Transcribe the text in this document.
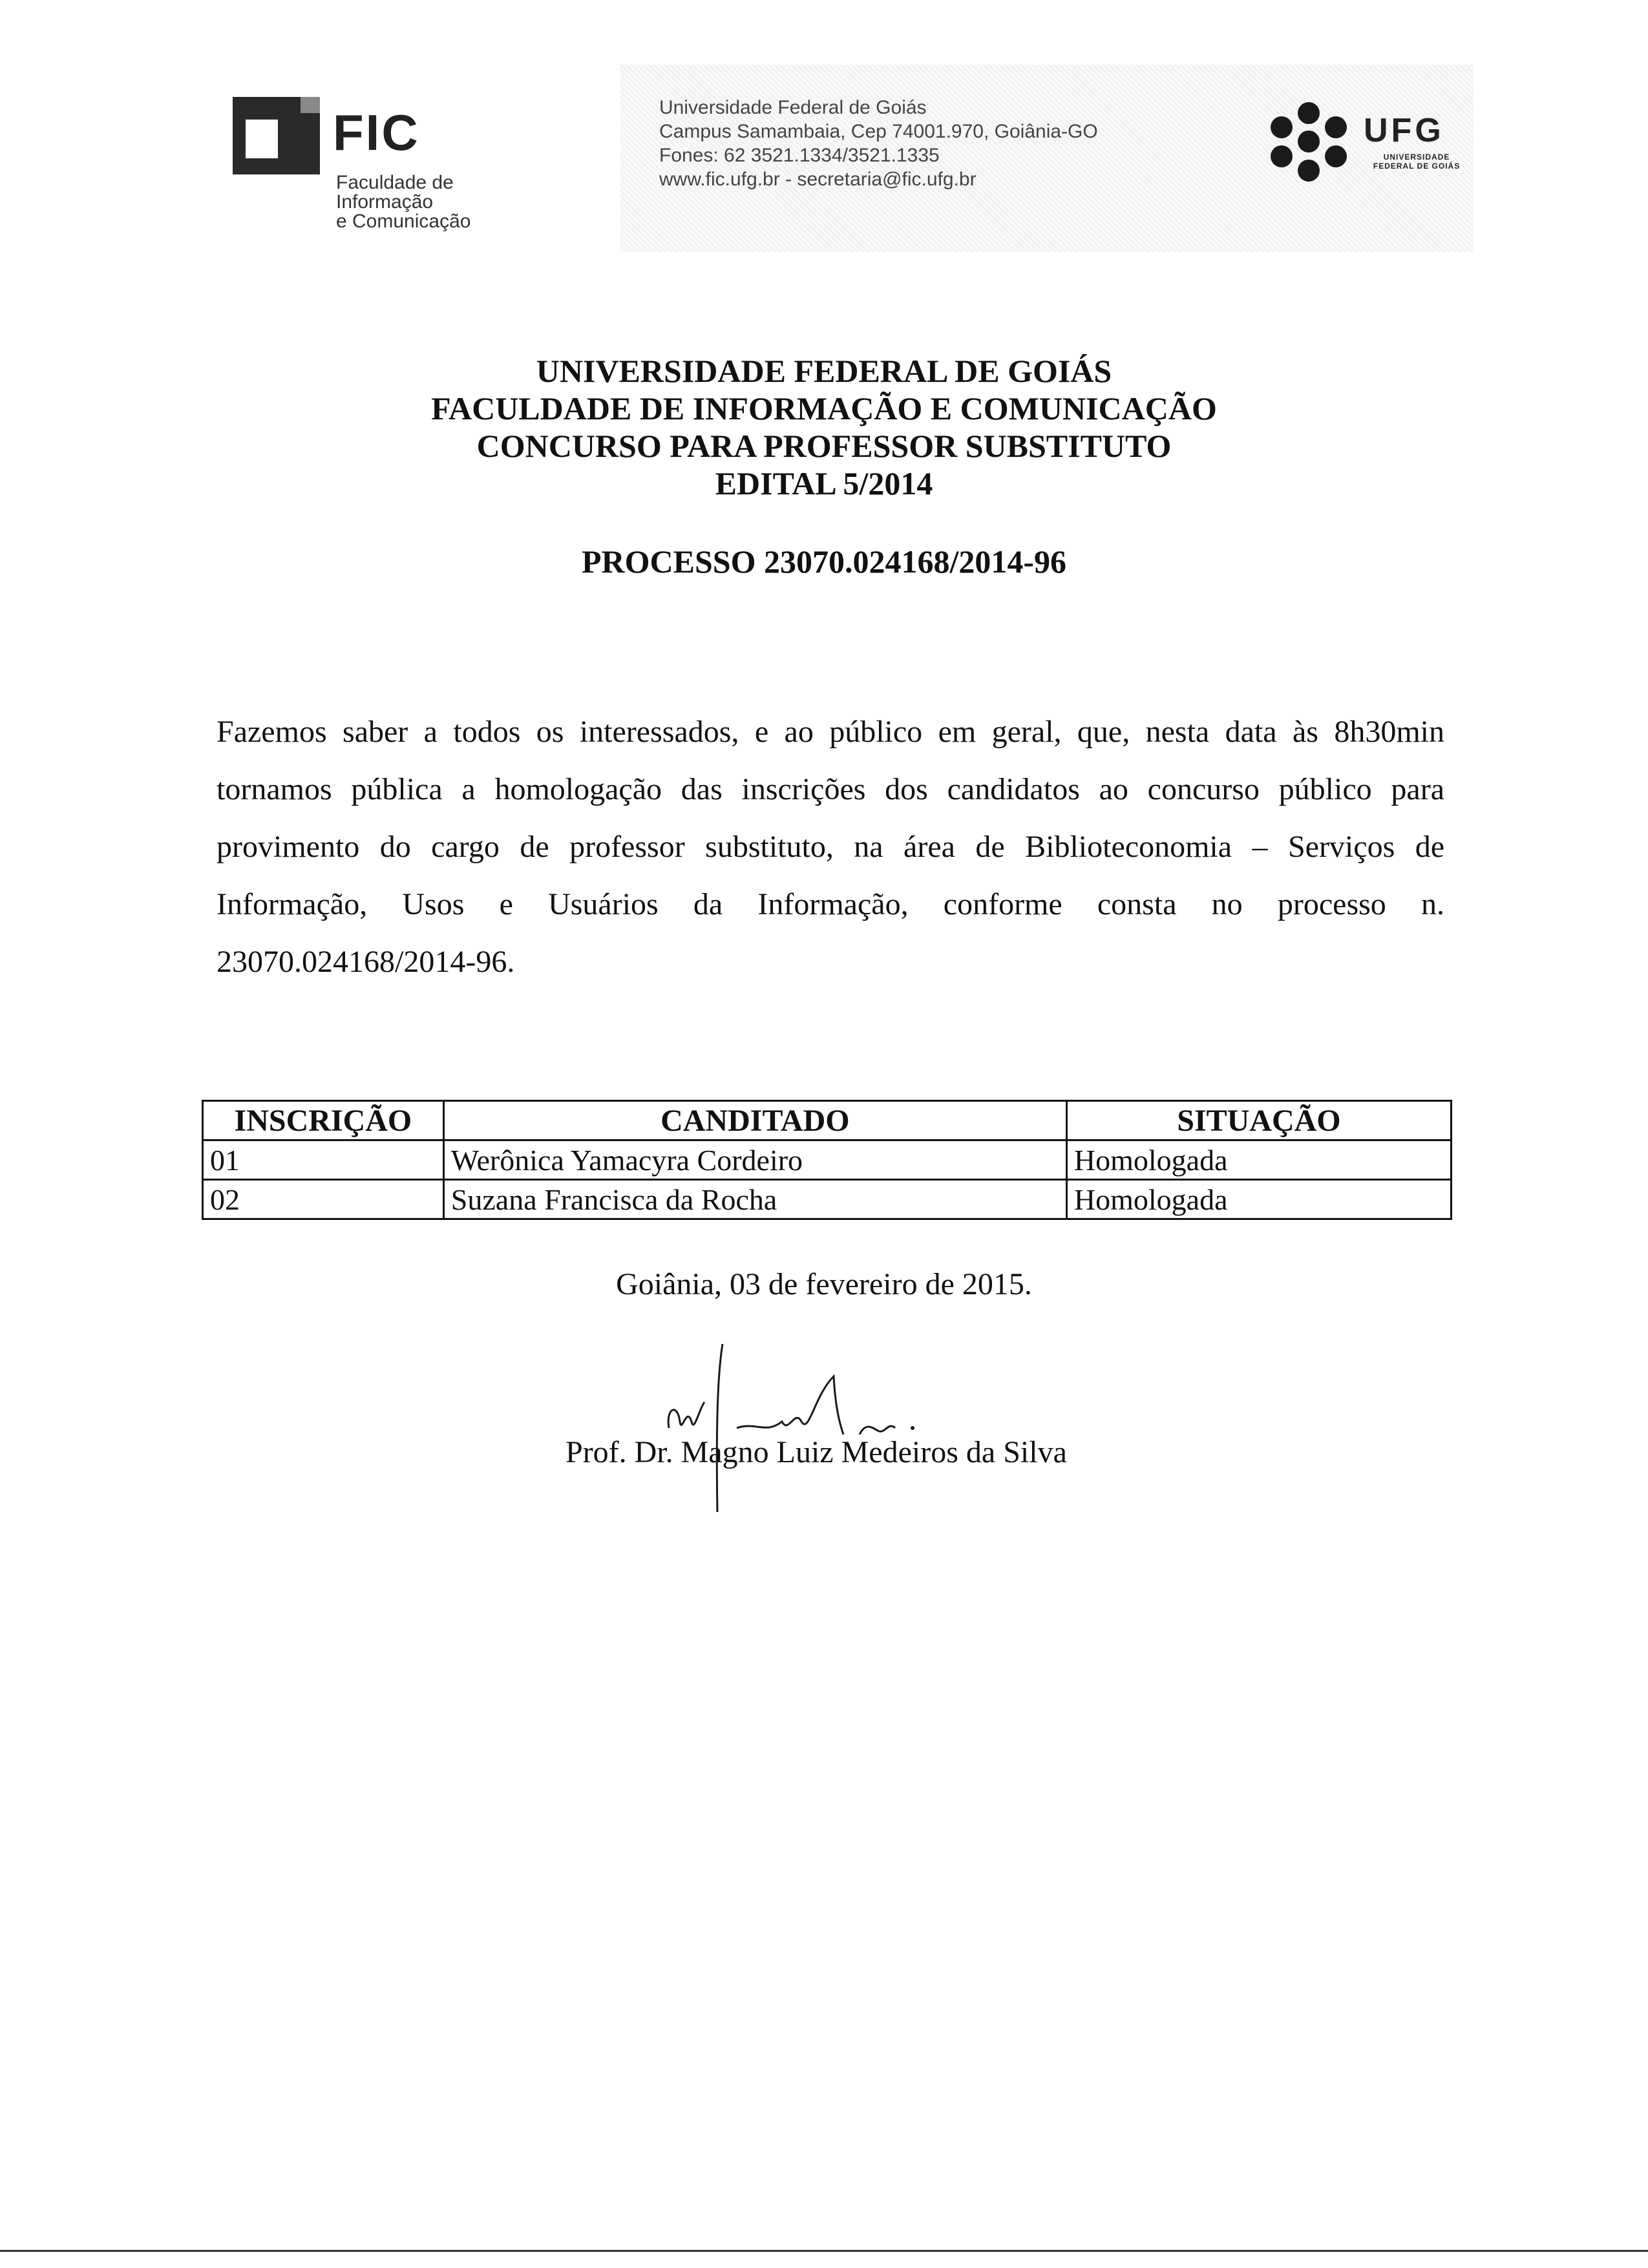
FIC
Faculdade de Informação
e Comunicação
Universidade Federal de Goiás
Campus Samambaia, Cep 74001.970, Goiânia-GO
Fones: 62 3521.1334/3521.1335
www.fic.ufg.br - secretaria@fic.ufg.br
UFG
UNIVERSIDADE
FEDERAL DE GOIÁS
UNIVERSIDADE FEDERAL DE GOIÁS
FACULDADE DE INFORMAÇÃO E COMUNICAÇÃO
CONCURSO PARA PROFESSOR SUBSTITUTO
EDITAL 5/2014
PROCESSO 23070.024168/2014-96
Fazemos saber a todos os interessados, e ao público em geral, que, nesta data às 8h30min
tornamos pública a homologação das inscrições dos candidatos ao concurso público para
provimento do cargo de professor substituto, na área de Biblioteconomia – Serviços de
Informação, Usos e Usuários da Informação, conforme consta no processo n.
23070.024168/2014-96.
INSCRIÇÃO	CANDITADO	SITUAÇÃO
01	Werônica Yamacyra Cordeiro	Homologada
02	Suzana Francisca da Rocha	Homologada
Goiânia, 03 de fevereiro de 2015.
Prof. Dr. Magno Luiz Medeiros da Silva
